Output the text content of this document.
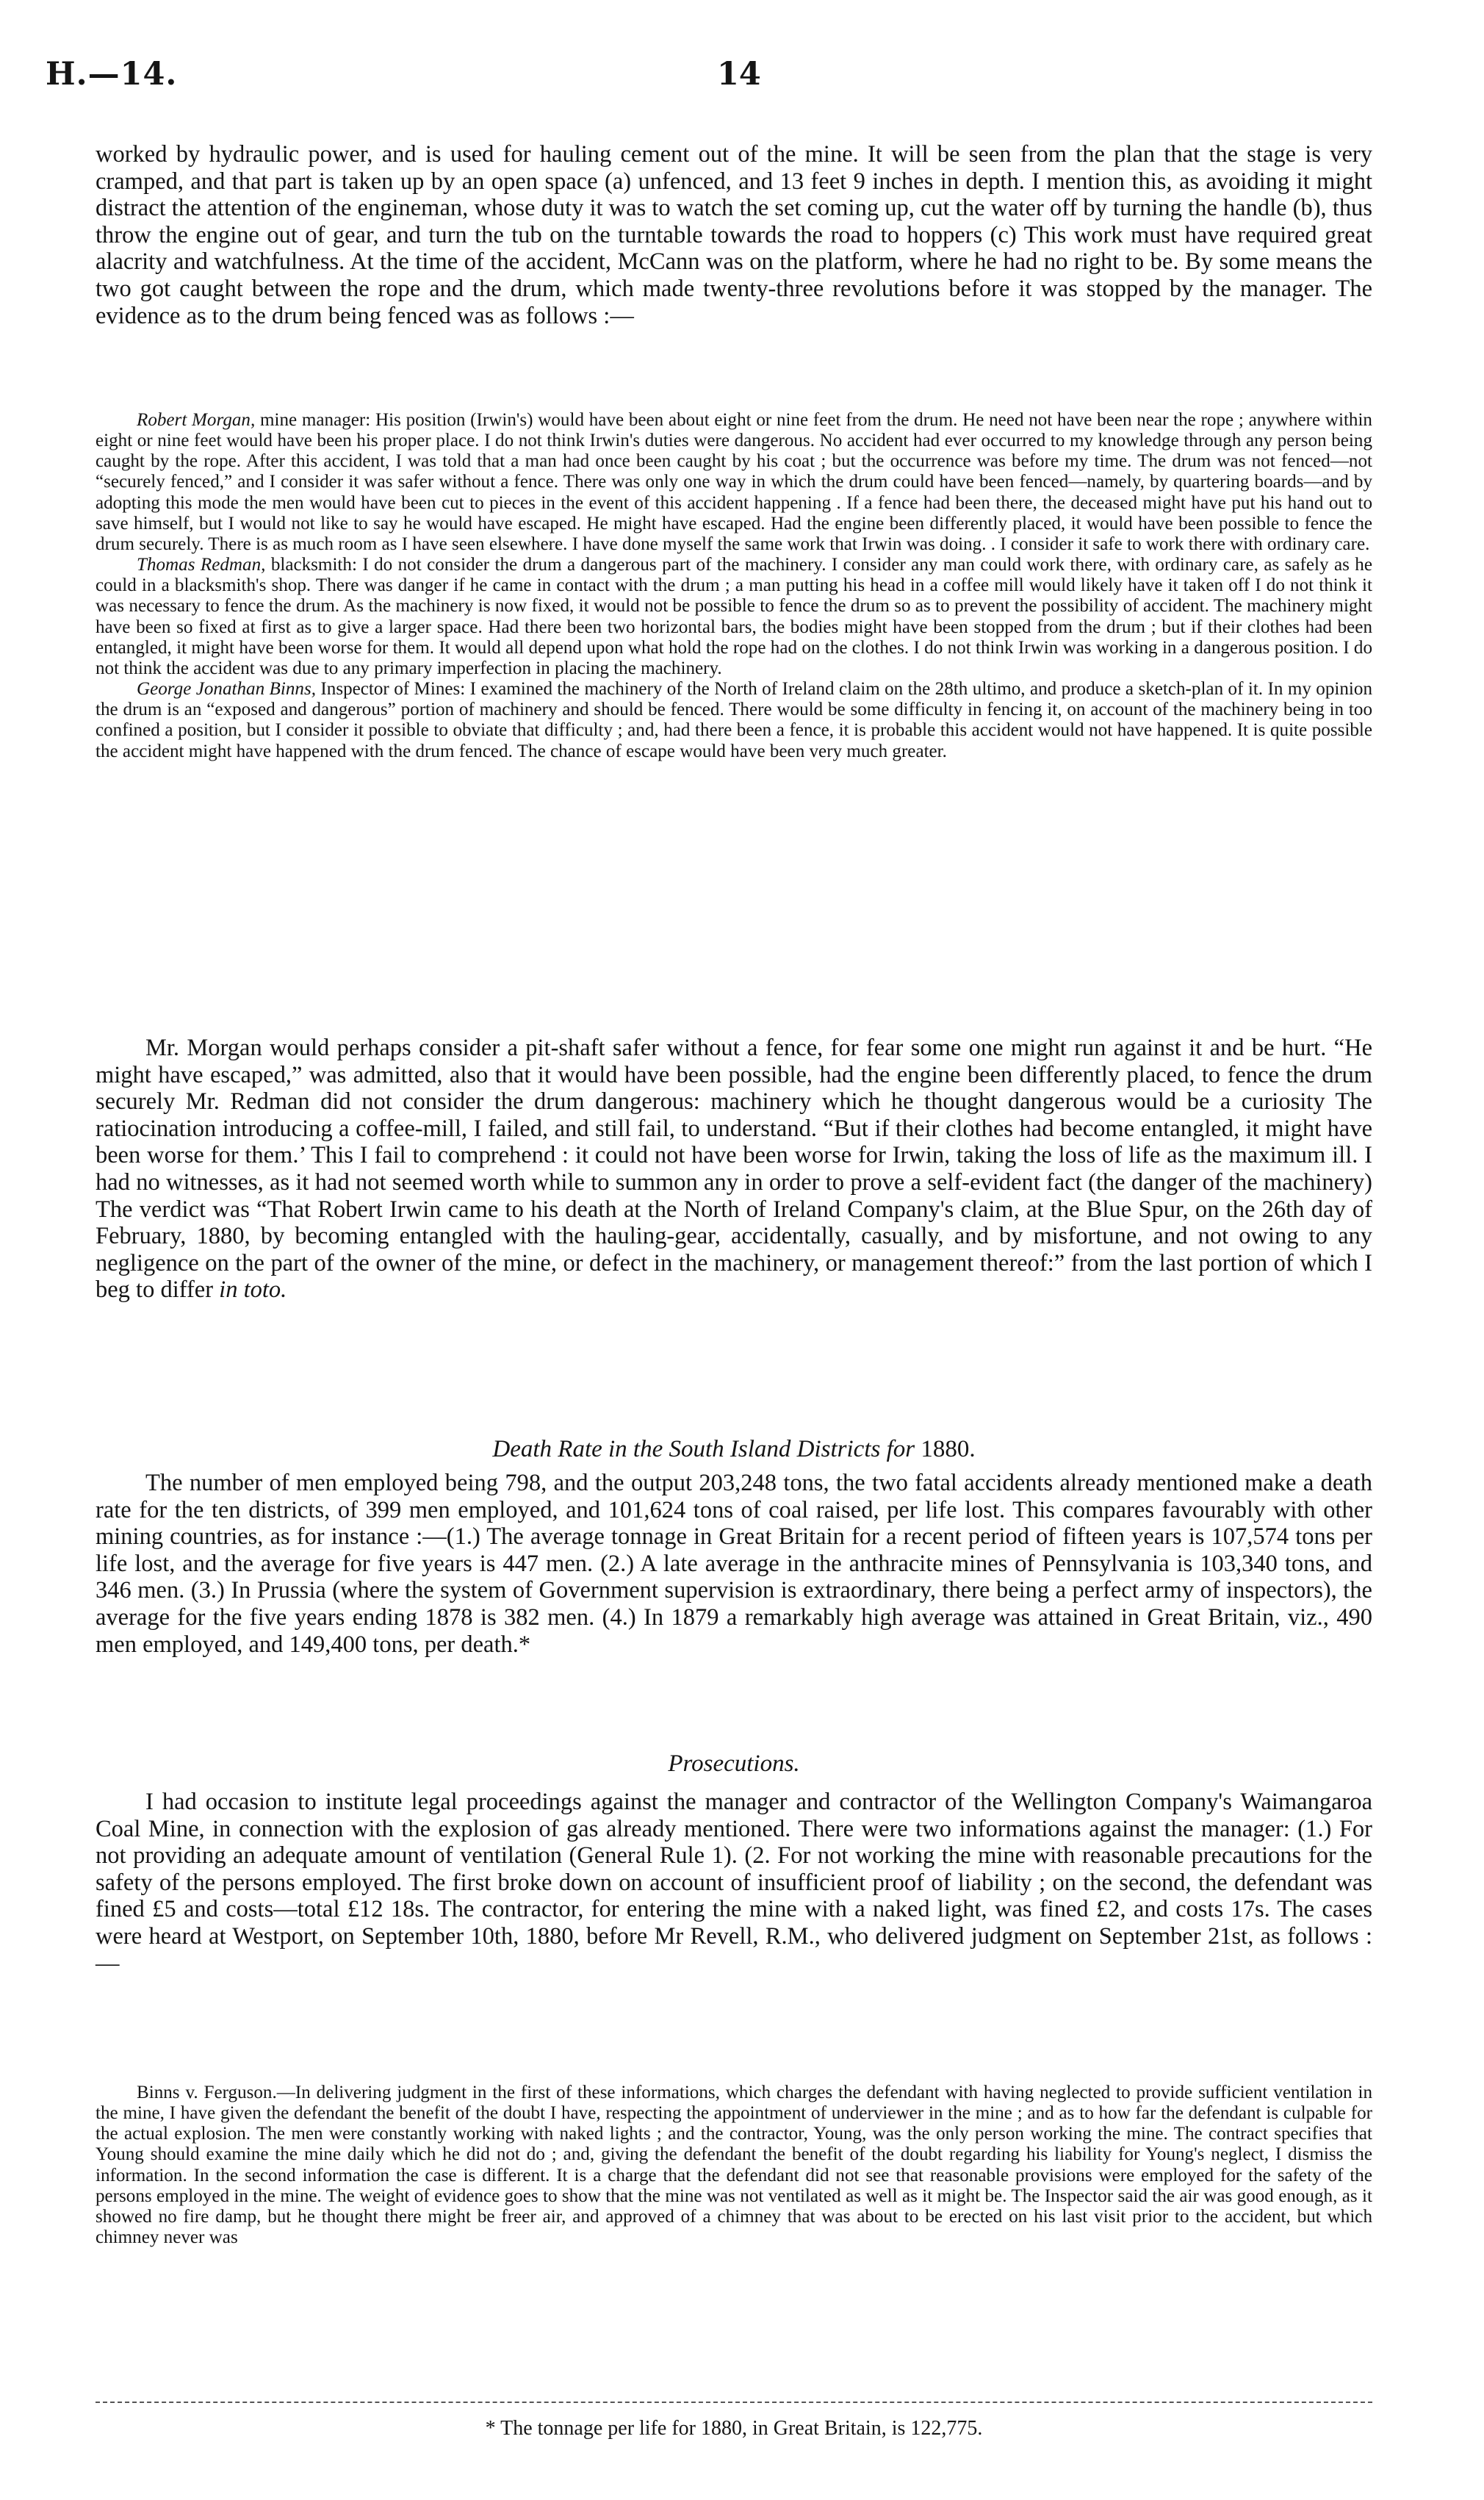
H.—14.	14

worked by hydraulic power, and is used for hauling cement out of the mine. It will be seen from the plan that the stage is very cramped, and that part is taken up by an open space (a) unfenced, and 13 feet 9 inches in depth. I mention this, as avoiding it might distract the attention of the engineman, whose duty it was to watch the set coming up, cut the water off by turning the handle (b), thus throw the engine out of gear, and turn the tub on the turntable towards the road to hoppers (c) This work must have required great alacrity and watchfulness. At the time of the accident, McCann was on the platform, where he had no right to be. By some means the two got caught between the rope and the drum, which made twenty-three revolutions before it was stopped by the manager. The evidence as to the drum being fenced was as follows :—

Robert Morgan, mine manager: His position (Irwin's) would have been about eight or nine feet from the drum. He need not have been near the rope ; anywhere within eight or nine feet would have been his proper place. I do not think Irwin's duties were dangerous. No accident had ever occurred to my knowledge through any person being caught by the rope. After this accident, I was told that a man had once been caught by his coat ; but the occurrence was before my time. The drum was not fenced—not “securely fenced,” and I consider it was safer without a fence. There was only one way in which the drum could have been fenced—namely, by quartering boards—and by adopting this mode the men would have been cut to pieces in the event of this accident happening . If a fence had been there, the deceased might have put his hand out to save himself, but I would not like to say he would have escaped. He might have escaped. Had the engine been differently placed, it would have been possible to fence the drum securely. There is as much room as I have seen elsewhere. I have done myself the same work that Irwin was doing. . I consider it safe to work there with ordinary care.

Thomas Redman, blacksmith: I do not consider the drum a dangerous part of the machinery. I consider any man could work there, with ordinary care, as safely as he could in a blacksmith's shop. There was danger if he came in contact with the drum ; a man putting his head in a coffee mill would likely have it taken off I do not think it was necessary to fence the drum. As the machinery is now fixed, it would not be possible to fence the drum so as to prevent the possibility of accident. The machinery might have been so fixed at first as to give a larger space. Had there been two horizontal bars, the bodies might have been stopped from the drum ; but if their clothes had been entangled, it might have been worse for them. It would all depend upon what hold the rope had on the clothes. I do not think Irwin was working in a dangerous position. I do not think the accident was due to any primary imperfection in placing the machinery.

George Jonathan Binns, Inspector of Mines: I examined the machinery of the North of Ireland claim on the 28th ultimo, and produce a sketch-plan of it. In my opinion the drum is an “exposed and dangerous” portion of machinery and should be fenced. There would be some difficulty in fencing it, on account of the machinery being in too confined a position, but I consider it possible to obviate that difficulty ; and, had there been a fence, it is probable this accident would not have happened. It is quite possible the accident might have happened with the drum fenced. The chance of escape would have been very much greater.

Mr. Morgan would perhaps consider a pit-shaft safer without a fence, for fear some one might run against it and be hurt. “He might have escaped,” was admitted, also that it would have been possible, had the engine been differently placed, to fence the drum securely Mr. Redman did not consider the drum dangerous: machinery which he thought dangerous would be a curiosity The ratiocination introducing a coffee-mill, I failed, and still fail, to understand. “But if their clothes had become entangled, it might have been worse for them.’ This I fail to comprehend : it could not have been worse for Irwin, taking the loss of life as the maximum ill. I had no witnesses, as it had not seemed worth while to summon any in order to prove a self-evident fact (the danger of the machinery) The verdict was “That Robert Irwin came to his death at the North of Ireland Company's claim, at the Blue Spur, on the 26th day of February, 1880, by becoming entangled with the hauling-gear, accidentally, casually, and by misfortune, and not owing to any negligence on the part of the owner of the mine, or defect in the machinery, or management thereof:” from the last portion of which I beg to differ in toto.

Death Rate in the South Island Districts for 1880.

The number of men employed being 798, and the output 203,248 tons, the two fatal accidents already mentioned make a death rate for the ten districts, of 399 men employed, and 101,624 tons of coal raised, per life lost. This compares favourably with other mining countries, as for instance :—(1.) The average tonnage in Great Britain for a recent period of fifteen years is 107,574 tons per life lost, and the average for five years is 447 men. (2.) A late average in the anthracite mines of Pennsylvania is 103,340 tons, and 346 men. (3.) In Prussia (where the system of Government supervision is extraordinary, there being a perfect army of inspectors), the average for the five years ending 1878 is 382 men. (4.) In 1879 a remarkably high average was attained in Great Britain, viz., 490 men employed, and 149,400 tons, per death.*

Prosecutions.

I had occasion to institute legal proceedings against the manager and contractor of the Wellington Company's Waimangaroa Coal Mine, in connection with the explosion of gas already mentioned. There were two informations against the manager: (1.) For not providing an adequate amount of ventilation (General Rule 1). (2. For not working the mine with reasonable precautions for the safety of the persons employed. The first broke down on account of insufficient proof of liability ; on the second, the defendant was fined £5 and costs—total £12 18s. The contractor, for entering the mine with a naked light, was fined £2, and costs 17s. The cases were heard at Westport, on September 10th, 1880, before Mr Revell, R.M., who delivered judgment on September 21st, as follows :—

Binns v. Ferguson.—In delivering judgment in the first of these informations, which charges the defendant with having neglected to provide sufficient ventilation in the mine, I have given the defendant the benefit of the doubt I have, respecting the appointment of underviewer in the mine ; and as to how far the defendant is culpable for the actual explosion. The men were constantly working with naked lights ; and the contractor, Young, was the only person working the mine. The contract specifies that Young should examine the mine daily which he did not do ; and, giving the defendant the benefit of the doubt regarding his liability for Young's neglect, I dismiss the information. In the second information the case is different. It is a charge that the defendant did not see that reasonable provisions were employed for the safety of the persons employed in the mine. The weight of evidence goes to show that the mine was not ventilated as well as it might be. The Inspector said the air was good enough, as it showed no fire damp, but he thought there might be freer air, and approved of a chimney that was about to be erected on his last visit prior to the accident, but which chimney never was

* The tonnage per life for 1880, in Great Britain, is 122,775.
